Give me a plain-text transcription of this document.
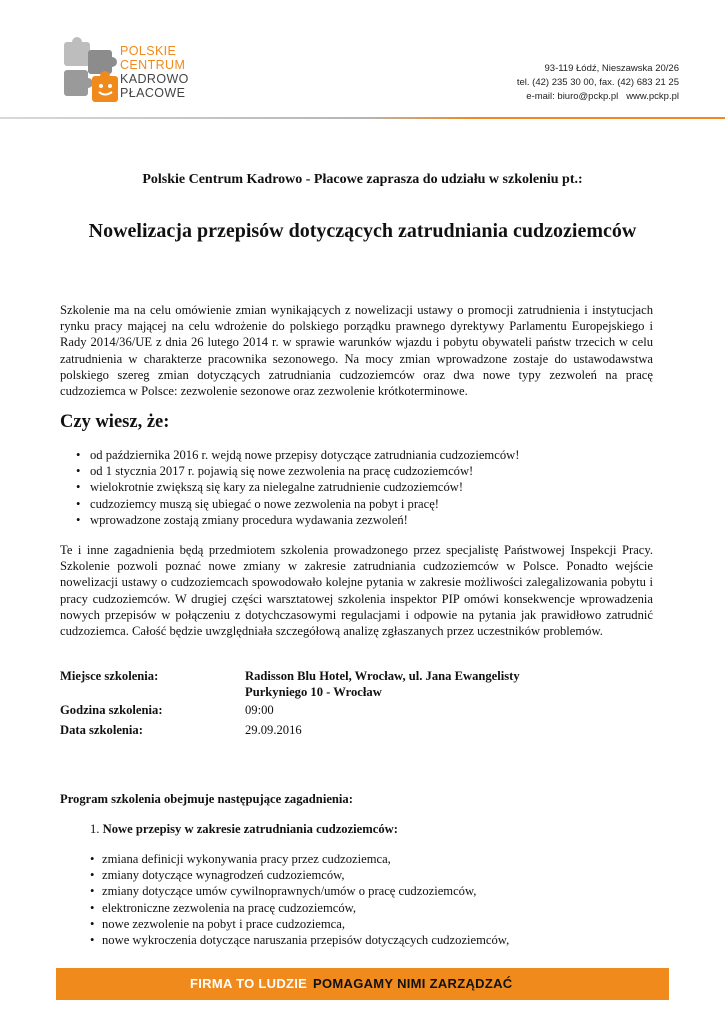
POLSKIE
CENTRUM
KADROWO
PŁACOWE
93-119 Łódź, Nieszawska 20/26
tel. (42) 235 30 00, fax. (42) 683 21 25
e-mail: biuro@pckp.pl   www.pckp.pl
Polskie Centrum Kadrowo - Płacowe zaprasza do udziału w szkoleniu pt.:
Nowelizacja przepisów dotyczących zatrudniania cudzoziemców
Szkolenie ma na celu omówienie zmian wynikających z nowelizacji ustawy o promocji zatrudnienia i instytucjach rynku pracy mającej na celu wdrożenie do polskiego porządku prawnego dyrektywy Parlamentu Europejskiego i Rady 2014/36/UE z dnia 26 lutego 2014 r. w sprawie warunków wjazdu i pobytu obywateli państw trzecich w celu zatrudnienia w charakterze pracownika sezonowego. Na mocy zmian wprowadzone zostaje do ustawodawstwa polskiego szereg zmian dotyczących zatrudniania cudzoziemców oraz dwa nowe typy zezwoleń na pracę cudzoziemca w Polsce: zezwolenie sezonowe oraz zezwolenie krótkoterminowe.
Czy wiesz, że:
• od października 2016 r. wejdą nowe przepisy dotyczące zatrudniania cudzoziemców!
• od 1 stycznia 2017 r. pojawią się nowe zezwolenia na pracę cudzoziemców!
• wielokrotnie zwiększą się kary za nielegalne zatrudnienie cudzoziemców!
• cudzoziemcy muszą się ubiegać o nowe zezwolenia na pobyt i pracę!
• wprowadzone zostają zmiany procedura wydawania zezwoleń!
Te i inne zagadnienia będą przedmiotem szkolenia prowadzonego przez specjalistę Państwowej Inspekcji Pracy. Szkolenie pozwoli poznać nowe zmiany w zakresie zatrudniania cudzoziemców w Polsce. Ponadto wejście nowelizacji ustawy o cudzoziemcach spowodowało kolejne pytania w zakresie możliwości zalegalizowania pobytu i pracy cudzoziemców. W drugiej części warsztatowej szkolenia inspektor PIP omówi konsekwencje wprowadzenia nowych przepisów w połączeniu z dotychczasowymi regulacjami i odpowie na pytania jak prawidłowo zatrudnić cudzoziemca. Całość będzie uwzględniała szczegółową analizę zgłaszanych przez uczestników problemów.
Miejsce szkolenia:	Radisson Blu Hotel, Wrocław, ul. Jana Ewangelisty
Purkyniego 10 - Wrocław
Godzina szkolenia:	09:00
Data szkolenia:	29.09.2016
Program szkolenia obejmuje następujące zagadnienia:
1. Nowe przepisy w zakresie zatrudniania cudzoziemców:
• zmiana definicji wykonywania pracy przez cudzoziemca,
• zmiany dotyczące wynagrodzeń cudzoziemców,
• zmiany dotyczące umów cywilnoprawnych/umów o pracę cudzoziemców,
• elektroniczne zezwolenia na pracę cudzoziemców,
• nowe zezwolenie na pobyt i prace cudzoziemca,
• nowe wykroczenia dotyczące naruszania przepisów dotyczących cudzoziemców,
FIRMA TO LUDZIE POMAGAMY NIMI ZARZĄDZAĆ
